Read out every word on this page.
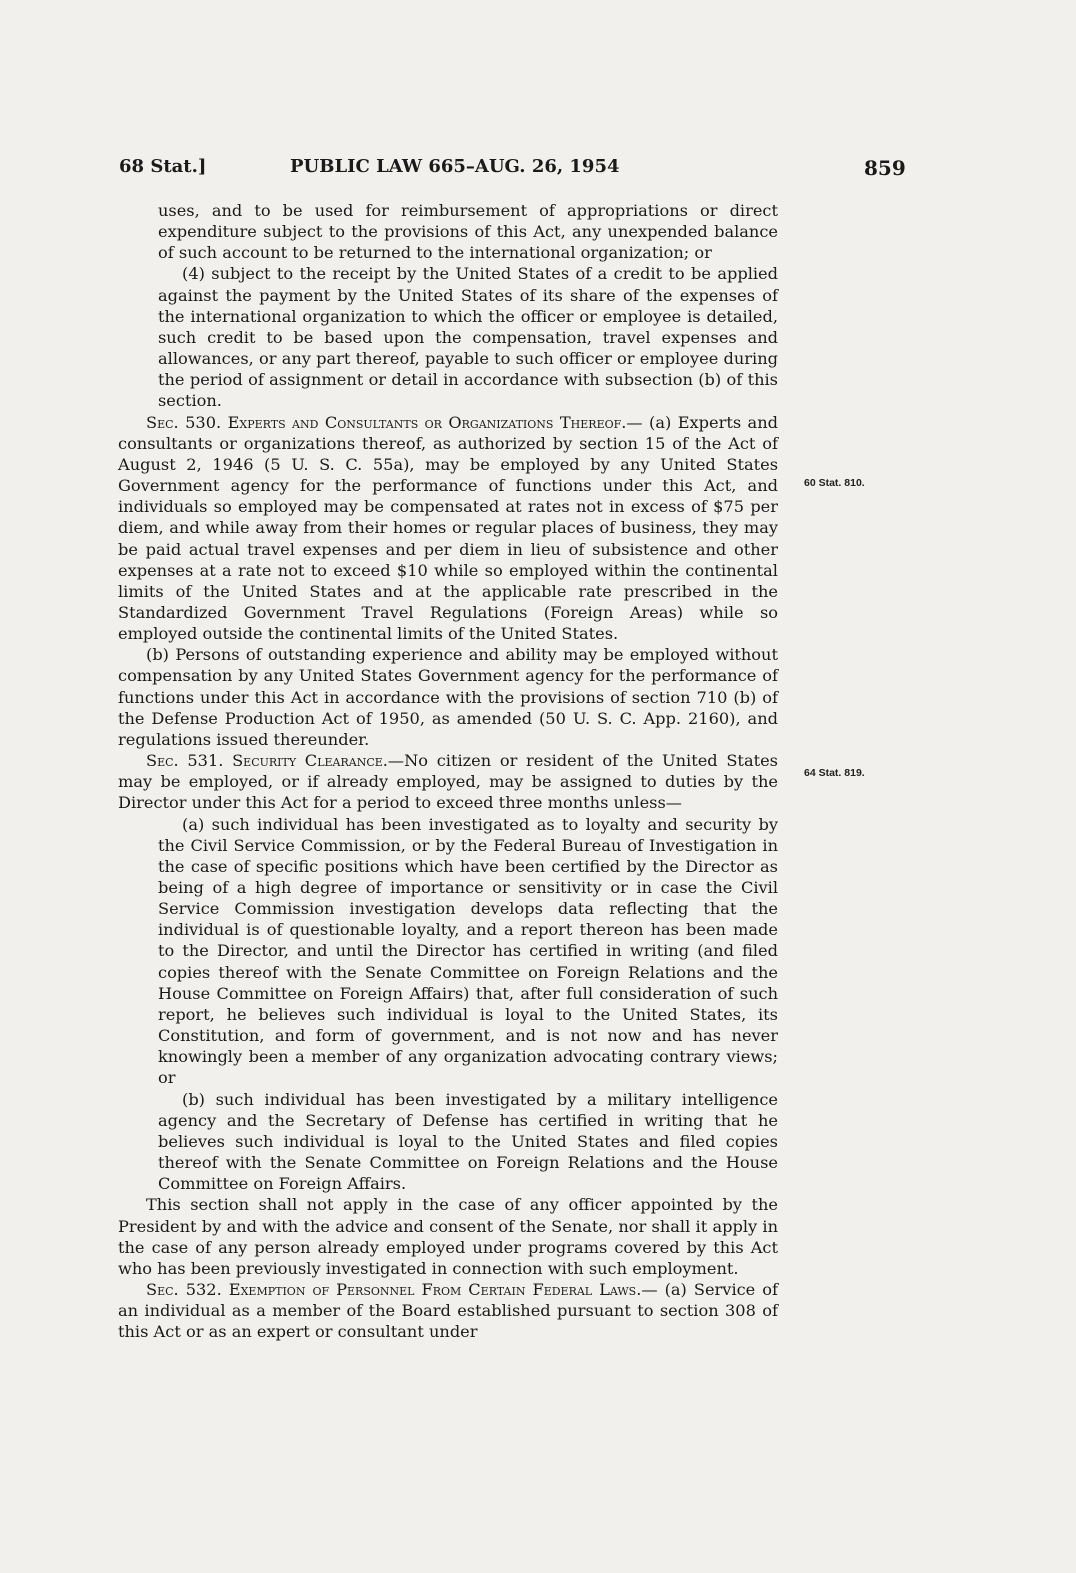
68 Stat.]	PUBLIC LAW 665–AUG. 26, 1954	859

uses, and to be used for reimbursement of appropriations or direct expenditure subject to the provisions of this Act, any unexpended balance of such account to be returned to the international organization; or

(4) subject to the receipt by the United States of a credit to be applied against the payment by the United States of its share of the expenses of the international organization to which the officer or employee is detailed, such credit to be based upon the compensation, travel expenses and allowances, or any part thereof, payable to such officer or employee during the period of assignment or detail in accordance with subsection (b) of this section.

Sec. 530. Experts and Consultants or Organizations Thereof.— (a) Experts and consultants or organizations thereof, as authorized by section 15 of the Act of August 2, 1946 (5 U. S. C. 55a), may be employed by any United States Government agency for the performance of functions under this Act, and individuals so employed may be compensated at rates not in excess of $75 per diem, and while away from their homes or regular places of business, they may be paid actual travel expenses and per diem in lieu of subsistence and other expenses at a rate not to exceed $10 while so employed within the continental limits of the United States and at the applicable rate prescribed in the Standardized Government Travel Regulations (Foreign Areas) while so employed outside the continental limits of the United States.

(b) Persons of outstanding experience and ability may be employed without compensation by any United States Government agency for the performance of functions under this Act in accordance with the provisions of section 710 (b) of the Defense Production Act of 1950, as amended (50 U. S. C. App. 2160), and regulations issued thereunder.

Sec. 531. Security Clearance.—No citizen or resident of the United States may be employed, or if already employed, may be assigned to duties by the Director under this Act for a period to exceed three months unless—

(a) such individual has been investigated as to loyalty and security by the Civil Service Commission, or by the Federal Bureau of Investigation in the case of specific positions which have been certified by the Director as being of a high degree of importance or sensitivity or in case the Civil Service Commission investigation develops data reflecting that the individual is of questionable loyalty, and a report thereon has been made to the Director, and until the Director has certified in writing (and filed copies thereof with the Senate Committee on Foreign Relations and the House Committee on Foreign Affairs) that, after full consideration of such report, he believes such individual is loyal to the United States, its Constitution, and form of government, and is not now and has never knowingly been a member of any organization advocating contrary views; or

(b) such individual has been investigated by a military intelligence agency and the Secretary of Defense has certified in writing that he believes such individual is loyal to the United States and filed copies thereof with the Senate Committee on Foreign Relations and the House Committee on Foreign Affairs.

This section shall not apply in the case of any officer appointed by the President by and with the advice and consent of the Senate, nor shall it apply in the case of any person already employed under programs covered by this Act who has been previously investigated in connection with such employment.

Sec. 532. Exemption of Personnel From Certain Federal Laws.— (a) Service of an individual as a member of the Board established pursuant to section 308 of this Act or as an expert or consultant under

60 Stat. 810.
64 Stat. 819.
